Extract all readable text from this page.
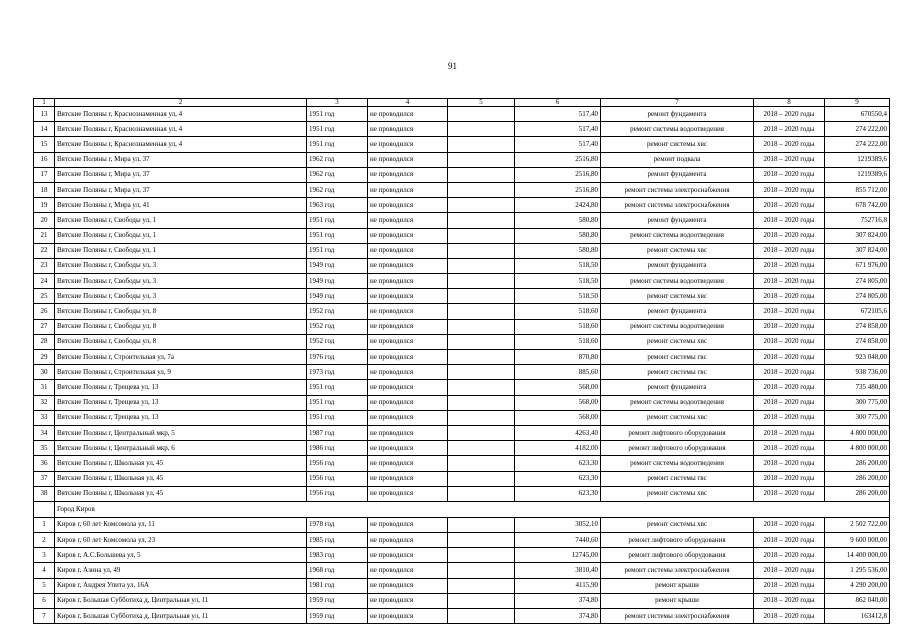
91
1	2	3	4	5	6	7	8	9
13	Вятские Поляны г, Краснознаменная ул, 4	1951 год	не проводился		517,40	ремонт фундамента	2018 – 2020 годы	670550,4
14	Вятские Поляны г, Краснознаменная ул, 4	1951 год	не проводился		517,40	ремонт системы водоотведения	2018 – 2020 годы	274 222,00
15	Вятские Поляны г, Краснознаменная ул, 4	1951 год	не проводился		517,40	ремонт системы хвс	2018 – 2020 годы	274 222,00
16	Вятские Поляны г, Мира ул, 37	1962 год	не проводился		2516,80	ремонт подвала	2018 – 2020 годы	1219389,6
17	Вятские Поляны г, Мира ул, 37	1962 год	не проводился		2516,80	ремонт фундамента	2018 – 2020 годы	1219389,6
18	Вятские Поляны г, Мира ул, 37	1962 год	не проводился		2516,80	ремонт системы электроснабжения	2018 – 2020 годы	855 712,00
19	Вятские Поляны г, Мира ул, 41	1963 год	не проводился		2424,80	ремонт системы электроснабжения	2018 – 2020 годы	678 742,00
20	Вятские Поляны г, Свободы ул, 1	1951 год	не проводился		580,80	ремонт фундамента	2018 – 2020 годы	752716,8
21	Вятские Поляны г, Свободы ул, 1	1951 год	не проводился		580,80	ремонт системы водоотведения	2018 – 2020 годы	307 824,00
22	Вятские Поляны г, Свободы ул, 1	1951 год	не проводился		580,80	ремонт системы хвс	2018 – 2020 годы	307 824,00
23	Вятские Поляны г, Свободы ул, 3	1949 год	не проводился		518,50	ремонт фундамента	2018 – 2020 годы	671 976,00
24	Вятские Поляны г, Свободы ул, 3	1949 год	не проводился		518,50	ремонт системы водоотведения	2018 – 2020 годы	274 805,00
25	Вятские Поляны г, Свободы ул, 3	1949 год	не проводился		518,50	ремонт системы хвс	2018 – 2020 годы	274 805,00
26	Вятские Поляны г, Свободы ул, 8	1952 год	не проводился		518,60	ремонт фундамента	2018 – 2020 годы	672105,6
27	Вятские Поляны г, Свободы ул, 8	1952 год	не проводился		518,60	ремонт системы водоотведения	2018 – 2020 годы	274 858,00
28	Вятские Поляны г, Свободы ул, 8	1952 год	не проводился		518,60	ремонт системы хвс	2018 – 2020 годы	274 858,00
29	Вятские Поляны г, Строительная ул, 7а	1976 год	не проводился		870,80	ремонт системы гвс	2018 – 2020 годы	923 048,00
30	Вятские Поляны г, Строительная ул, 9	1973 год	не проводился		885,60	ремонт системы гвс	2018 – 2020 годы	938 736,00
31	Вятские Поляны г, Трещева ул, 13	1951 год	не проводился		568,00	ремонт фундамента	2018 – 2020 годы	735 480,00
32	Вятские Поляны г, Трещева ул, 13	1951 год	не проводился		568,00	ремонт системы водоотведения	2018 – 2020 годы	300 775,00
33	Вятские Поляны г, Трещева ул, 13	1951 год	не проводился		568,00	ремонт системы хвс	2018 – 2020 годы	300 775,00
34	Вятские Поляны г, Центральный мкр, 5	1987 год	не проводился		4263,40	ремонт лифтового оборудования	2018 – 2020 годы	4 800 000,00
35	Вятские Поляны г, Центральный мкр, 6	1986 год	не проводился		4182,00	ремонт лифтового оборудования	2018 – 2020 годы	4 800 000,00
36	Вятские Поляны г, Школьная ул, 45	1956 год	не проводился		623,30	ремонт системы водоотведения	2018 – 2020 годы	286 200,00
37	Вятские Поляны г, Школьная ул, 45	1956 год	не проводился		623,30	ремонт системы гвс	2018 – 2020 годы	286 200,00
38	Вятские Поляны г, Школьная ул, 45	1956 год	не проводился		623,30	ремонт системы хвс	2018 – 2020 годы	286 200,00
	Город Киров							
1	Киров г, 60 лет Комсомола ул, 11	1978 год	не проводился		3052,10	ремонт системы хвс	2018 – 2020 годы	2 502 722,00
2	Киров г, 60 лет Комсомола ул, 23	1985 год	не проводился		7440,60	ремонт лифтового оборудования	2018 – 2020 годы	9 600 000,00
3	Киров г, А.С.Большева ул, 5	1983 год	не проводился		12745,00	ремонт лифтового оборудования	2018 – 2020 годы	14 400 000,00
4	Киров г, Азина ул, 49	1968 год	не проводился		3810,40	ремонт системы электроснабжения	2018 – 2020 годы	1 295 536,00
5	Киров г, Андрея Упита ул, 16А	1981 год	не проводился		4115,90	ремонт крыши	2018 – 2020 годы	4 290 200,00
6	Киров г, Большая Субботиха д, Центральная ул, 11	1959 год	не проводился		374,80	ремонт крыши	2018 – 2020 годы	862 040,00
7	Киров г, Большая Субботиха д, Центральная ул, 11	1959 год	не проводился		374,80	ремонт системы электроснабжения	2018 – 2020 годы	163412,8
